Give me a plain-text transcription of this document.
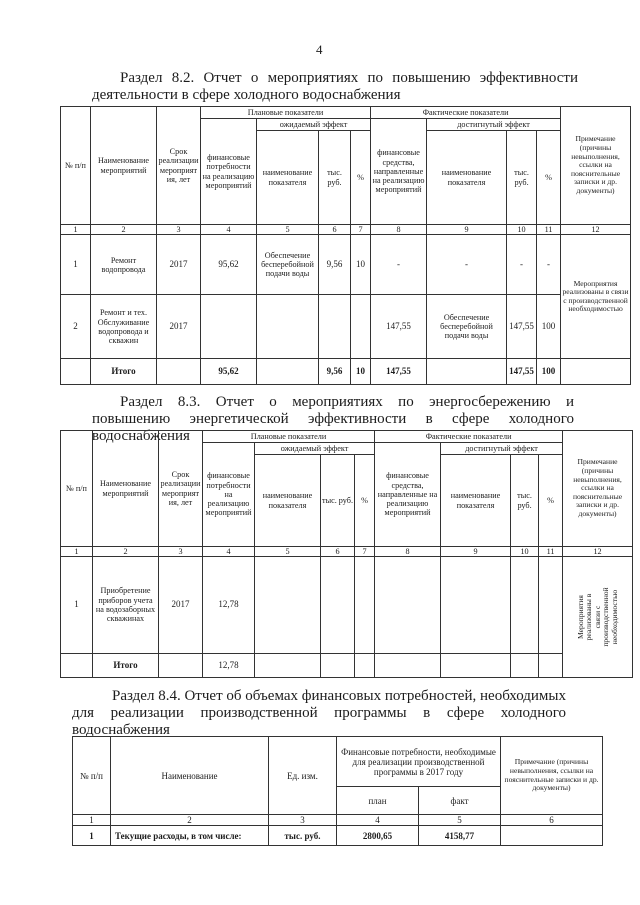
4
Раздел 8.2. Отчет о мероприятиях по повышению эффективности деятельности в сфере холодного водоснабжения
№ п/п	Наименование мероприятий	Срок реализации мероприятия, лет	Плановые показатели				Фактические показатели				Примечание (причины невыполнения, ссылки на пояснительные записки и др. документы)
			финансовые потребности на реализацию мероприятий	ожидаемый эффект			финансовые средства, направленные на реализацию мероприятий	достигнутый эффект			
				наименование показателя	тыс. руб.	%		наименование показателя	тыс. руб.	%	
1	2	3	4	5	6	7	8	9	10	11	12
1	Ремонт водопровода	2017	95,62	Обеспечение бесперебойной подачи воды	9,56	10	-	-	-	-	Мероприятия реализованы в связи с производственной необходимостью
2	Ремонт и тех. Обслуживание водопровода и скважин	2017					147,55	Обеспечение бесперебойной подачи воды	147,55	100	
	Итого		95,62		9,56	10	147,55		147,55	100	
Раздел 8.3. Отчет о мероприятиях по энергосбережению и повышению энергетической эффективности в сфере холодного водоснабжения
№ п/п	Наименование мероприятий	Срок реализации мероприятия, лет	Плановые показатели				Фактические показатели				Примечание (причины невыполнения, ссылки на пояснительные записки и др. документы)
			финансовые потребности на реализацию мероприятий	ожидаемый эффект			финансовые средства, направленные на реализацию мероприятий	достигнутый эффект			
				наименование показателя	тыс. руб.	%		наименование показателя	тыс. руб.	%	
1	2	3	4	5	6	7	8	9	10	11	12
1	Приобретение приборов учета на водозаборных скважинах	2017	12,78								Мероприятия реализованы в связи с производственной необходимостью

	Итого		12,78								
Раздел 8.4. Отчет об объемах финансовых потребностей, необходимых для реализации производственной программы в сфере холодного водоснабжения
№ п/п	Наименование	Ед. изм.	Финансовые потребности, необходимые для реализации производственной программы в 2017 году		Примечание (причины невыполнения, ссылки на пояснительные записки и др. документы)
			план	факт	
1	2	3	4	5	6
1	Текущие расходы, в том числе:	тыс. руб.	2800,65	4158,77	
